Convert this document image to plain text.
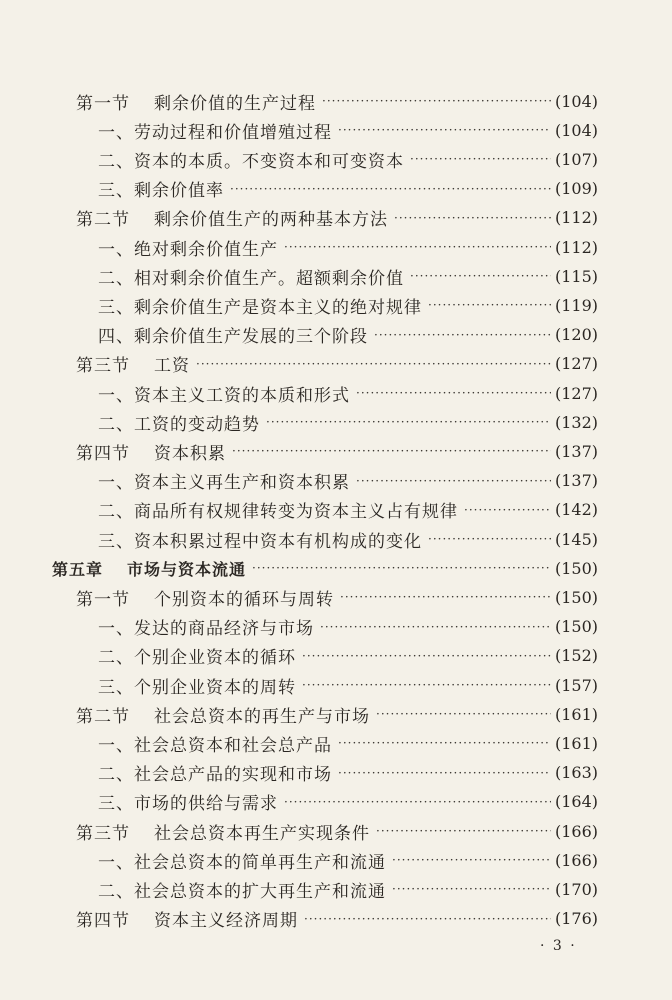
第一节 剩余价值的生产过程 ·····	(104)
一、劳动过程和价值增殖过程 ·····	(104)
二、资本的本质。不变资本和可变资本 ·····	(107)
三、剩余价值率 ·····	(109)
第二节 剩余价值生产的两种基本方法 ·····	(112)
一、绝对剩余价值生产 ·····	(112)
二、相对剩余价值生产。超额剩余价值 ·····	(115)
三、剩余价值生产是资本主义的绝对规律 ·····	(119)
四、剩余价值生产发展的三个阶段 ·····	(120)
第三节 工资 ·····	(127)
一、资本主义工资的本质和形式 ·····	(127)
二、工资的变动趋势 ·····	(132)
第四节 资本积累 ·····	(137)
一、资本主义再生产和资本积累 ·····	(137)
二、商品所有权规律转变为资本主义占有规律 ·····	(142)
三、资本积累过程中资本有机构成的变化 ·····	(145)
第五章 市场与资本流通 ·····	(150)
第一节 个别资本的循环与周转 ·····	(150)
一、发达的商品经济与市场 ·····	(150)
二、个别企业资本的循环 ·····	(152)
三、个别企业资本的周转 ·····	(157)
第二节 社会总资本的再生产与市场 ·····	(161)
一、社会总资本和社会总产品 ·····	(161)
二、社会总产品的实现和市场 ·····	(163)
三、市场的供给与需求 ·····	(164)
第三节 社会总资本再生产实现条件 ·····	(166)
一、社会总资本的简单再生产和流通 ·····	(166)
二、社会总资本的扩大再生产和流通 ·····	(170)
第四节 资本主义经济周期 ·····	(176)
· 3 ·
